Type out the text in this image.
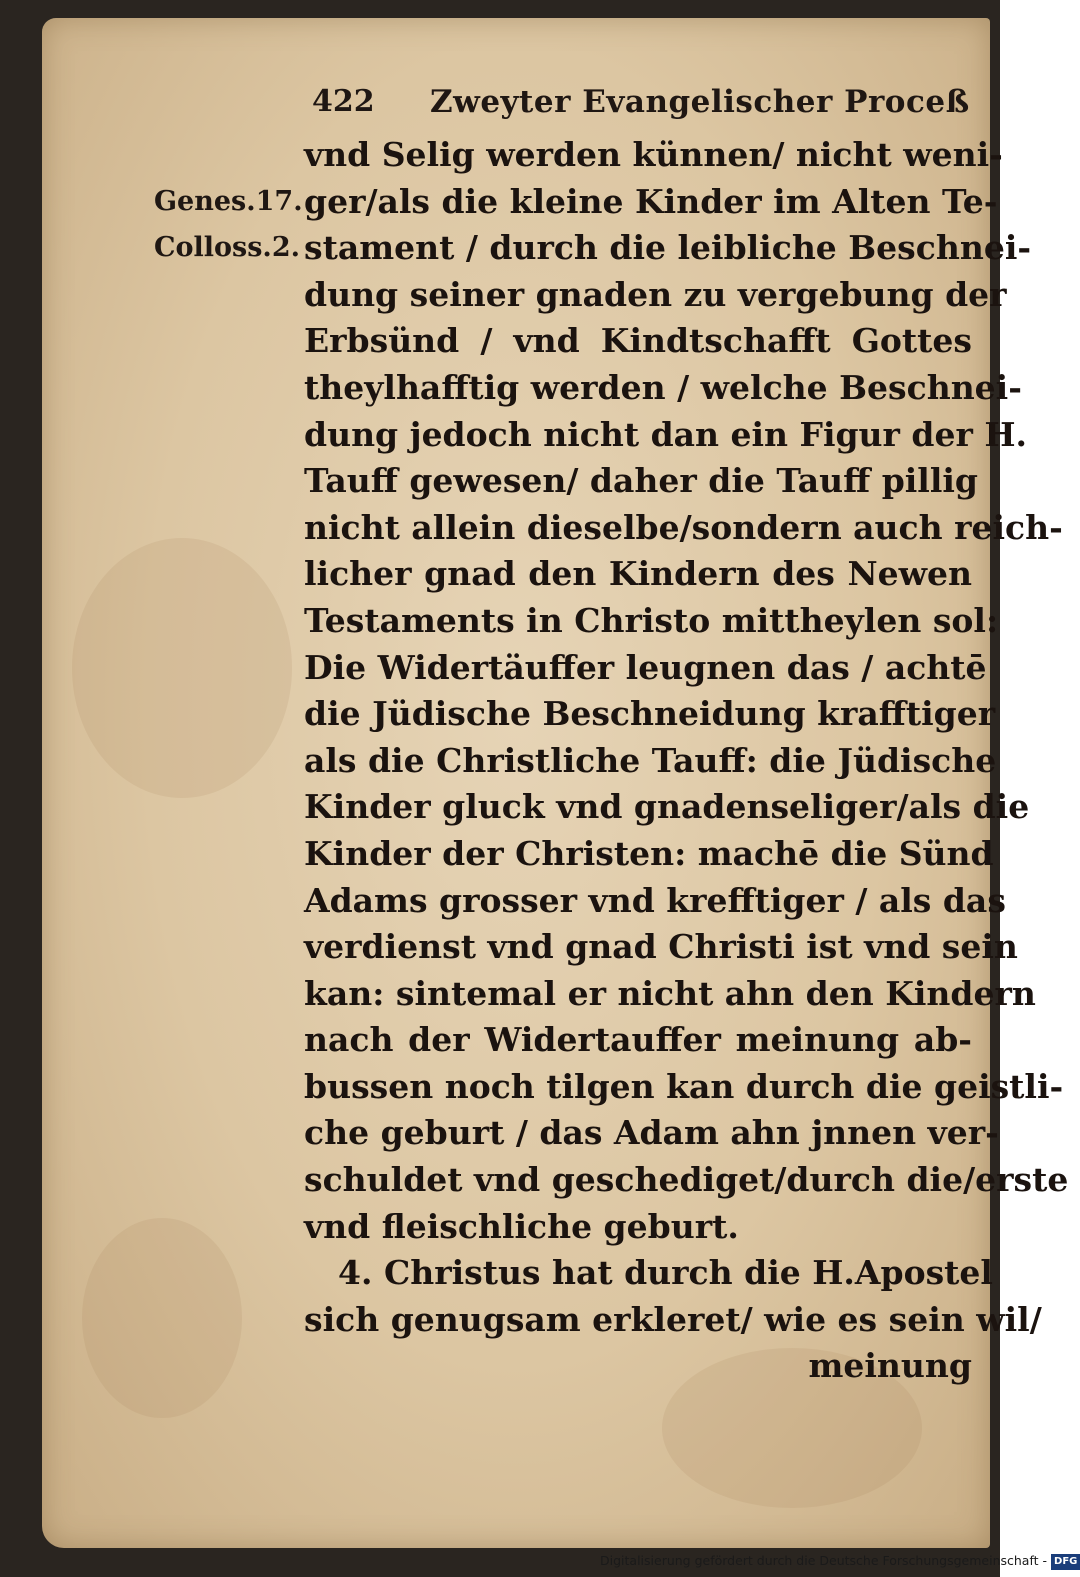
422 Zweyter Evangelischer Proceß
Genes.17.
Colloss.2.
vnd Selig werden künnen/ nicht weni-
ger/als die kleine Kinder im Alten Te-
stament / durch die leibliche Beschnei-
dung seiner gnaden zu vergebung der
Erbsünd / vnd Kindtschafft Gottes
theylhafftig werden / welche Beschnei-
dung jedoch nicht dan ein Figur der H.
Tauff gewesen/ daher die Tauff pillig
nicht allein dieselbe/sondern auch reich-
licher gnad den Kindern des Newen
Testaments in Christo mittheylen sol:
Die Widertäuffer leugnen das / achtē
die Jüdische Beschneidung krafftiger
als die Christliche Tauff: die Jüdische
Kinder gluck vnd gnadenseliger/als die
Kinder der Christen: machē die Sünd
Adams grosser vnd krefftiger / als das
verdienst vnd gnad Christi ist vnd sein
kan: sintemal er nicht ahn den Kindern
nach der Widertauffer meinung ab-
bussen noch tilgen kan durch die geistli-
che geburt / das Adam ahn jnnen ver-
schuldet vnd geschediget/durch die/erste
vnd fleischliche geburt.
4. Christus hat durch die H.Apostel
sich genugsam erkleret/ wie es sein wil/
meinung
Digitalisierung gefördert durch die Deutsche Forschungsgemeinschaft - DFG
